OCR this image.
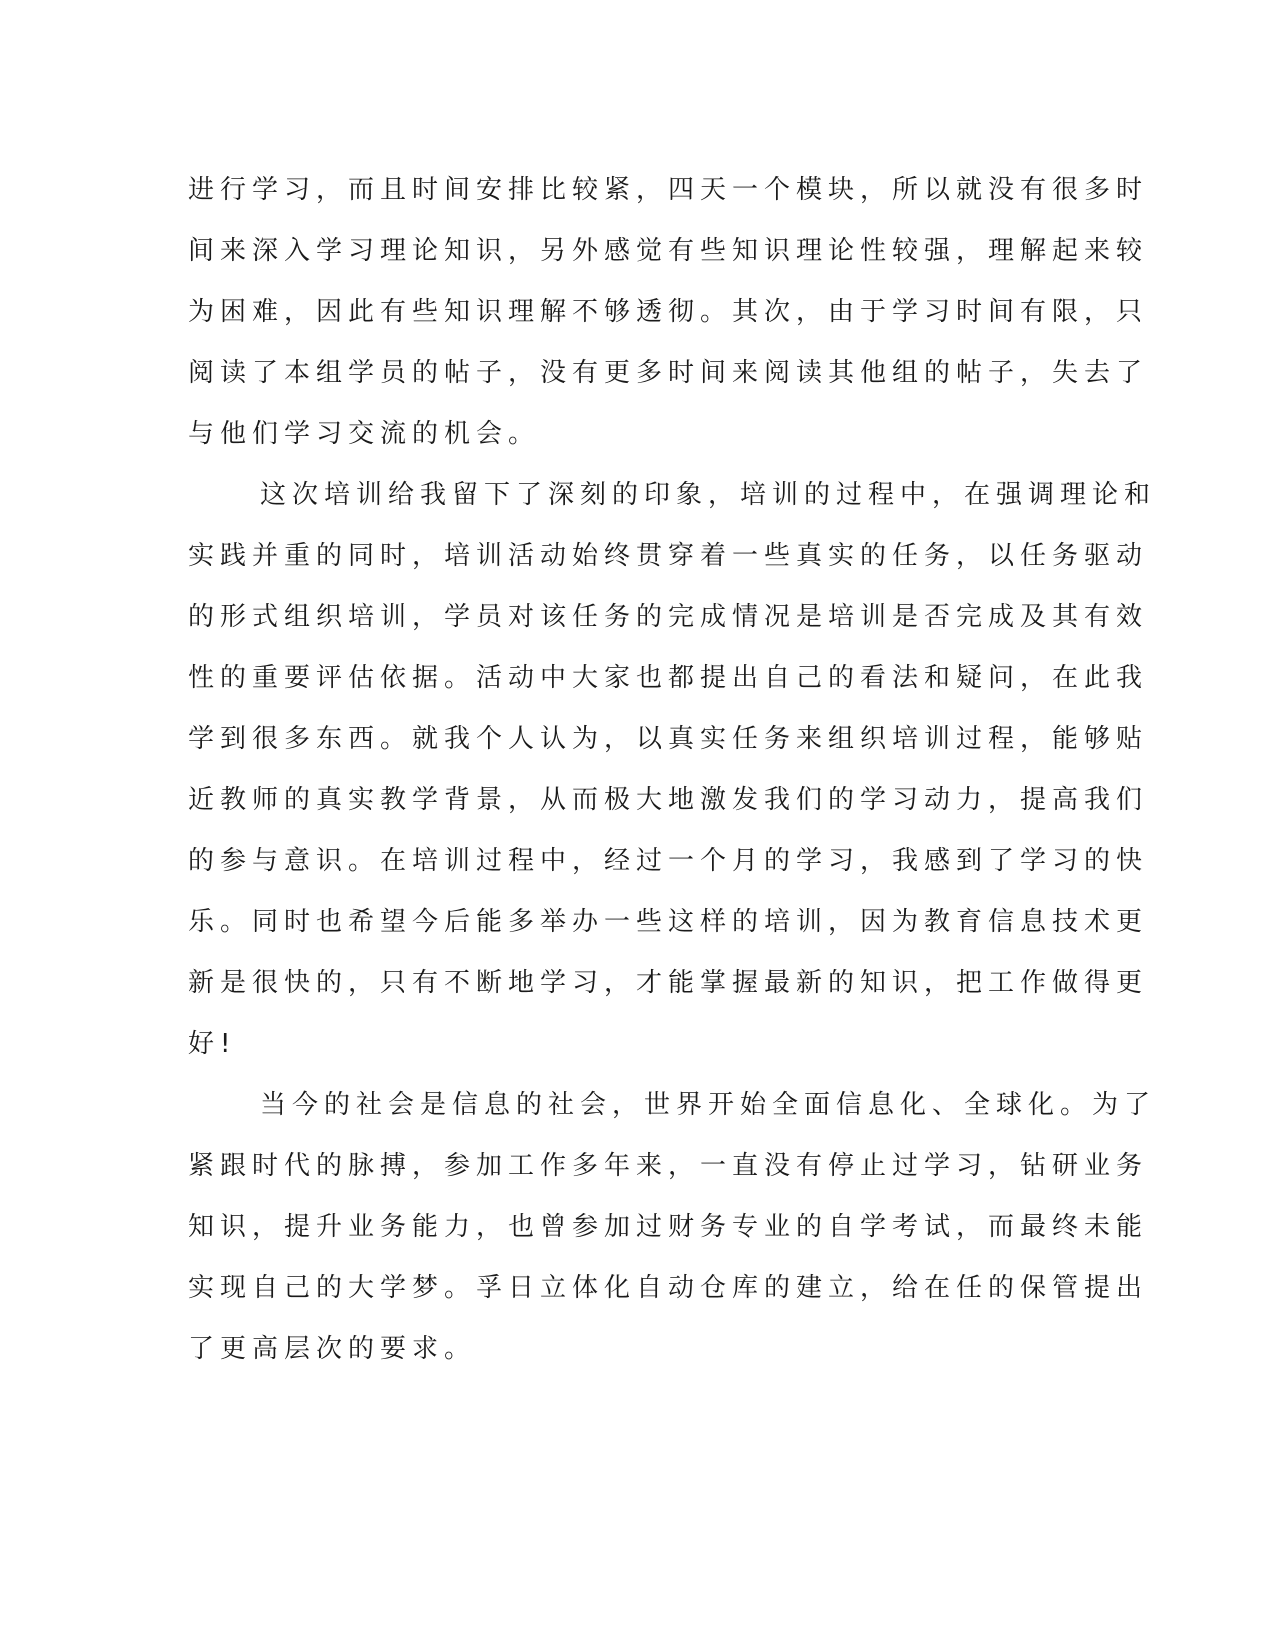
进行学习，而且时间安排比较紧，四天一个模块，所以就没有很多时
间来深入学习理论知识，另外感觉有些知识理论性较强，理解起来较
为困难，因此有些知识理解不够透彻。其次，由于学习时间有限，只
阅读了本组学员的帖子，没有更多时间来阅读其他组的帖子，失去了
与他们学习交流的机会。
这次培训给我留下了深刻的印象，培训的过程中，在强调理论和
实践并重的同时，培训活动始终贯穿着一些真实的任务，以任务驱动
的形式组织培训，学员对该任务的完成情况是培训是否完成及其有效
性的重要评估依据。活动中大家也都提出自己的看法和疑问，在此我
学到很多东西。就我个人认为，以真实任务来组织培训过程，能够贴
近教师的真实教学背景，从而极大地激发我们的学习动力，提高我们
的参与意识。在培训过程中，经过一个月的学习，我感到了学习的快
乐。同时也希望今后能多举办一些这样的培训，因为教育信息技术更
新是很快的，只有不断地学习，才能掌握最新的知识，把工作做得更
好!
当今的社会是信息的社会，世界开始全面信息化、全球化。为了
紧跟时代的脉搏，参加工作多年来，一直没有停止过学习，钻研业务
知识，提升业务能力，也曾参加过财务专业的自学考试，而最终未能
实现自己的大学梦。孚日立体化自动仓库的建立，给在任的保管提出
了更高层次的要求。
